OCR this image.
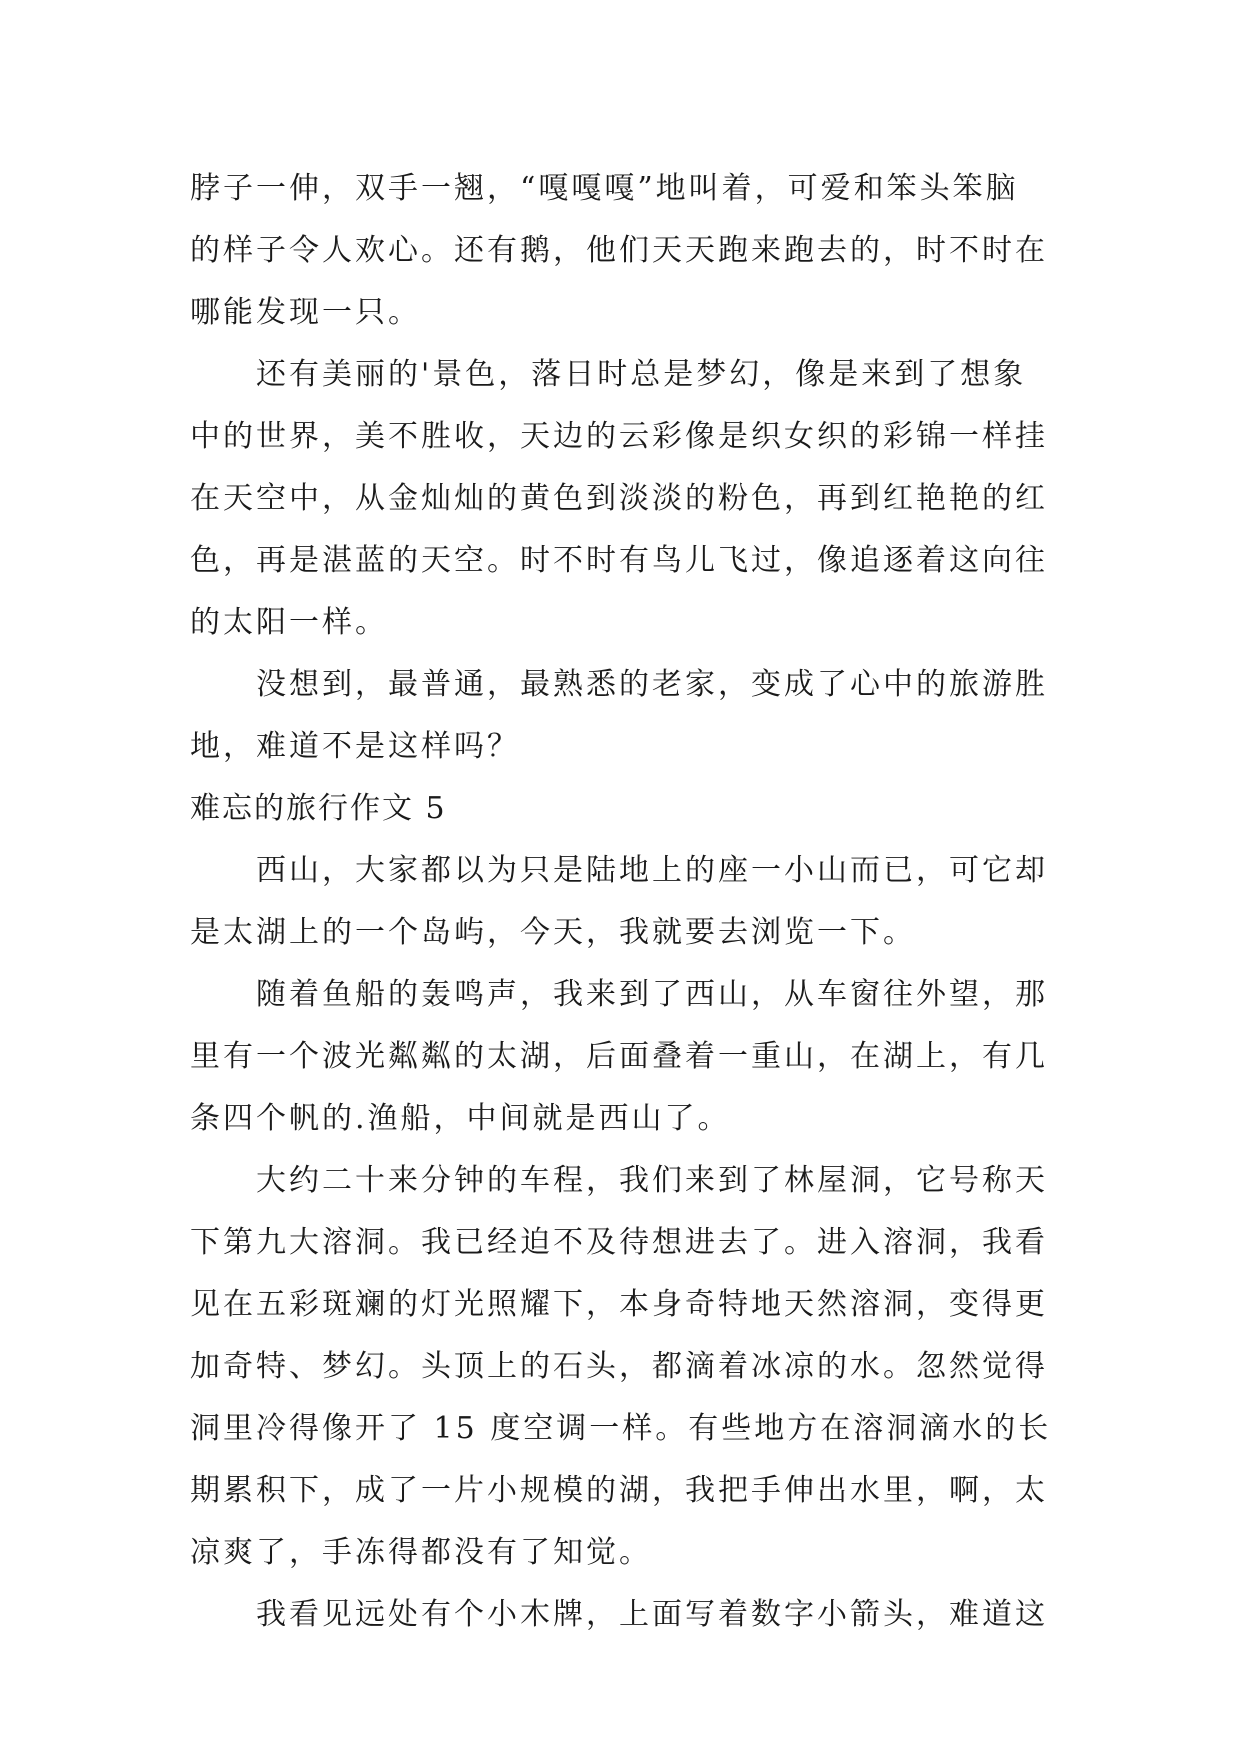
脖子一伸，双手一翘，“嘎嘎嘎”地叫着，可爱和笨头笨脑
的样子令人欢心。还有鹅，他们天天跑来跑去的，时不时在
哪能发现一只。
还有美丽的'景色，落日时总是梦幻，像是来到了想象
中的世界，美不胜收，天边的云彩像是织女织的彩锦一样挂
在天空中，从金灿灿的黄色到淡淡的粉色，再到红艳艳的红
色，再是湛蓝的天空。时不时有鸟儿飞过，像追逐着这向往
的太阳一样。
没想到，最普通，最熟悉的老家，变成了心中的旅游胜
地，难道不是这样吗？
难忘的旅行作文 5
西山，大家都以为只是陆地上的座一小山而已，可它却
是太湖上的一个岛屿，今天，我就要去浏览一下。
随着鱼船的轰鸣声，我来到了西山，从车窗往外望，那
里有一个波光粼粼的太湖，后面叠着一重山，在湖上，有几
条四个帆的.渔船，中间就是西山了。
大约二十来分钟的车程，我们来到了林屋洞，它号称天
下第九大溶洞。我已经迫不及待想进去了。进入溶洞，我看
见在五彩斑斓的灯光照耀下，本身奇特地天然溶洞，变得更
加奇特、梦幻。头顶上的石头，都滴着冰凉的水。忽然觉得
洞里冷得像开了 15 度空调一样。有些地方在溶洞滴水的长
期累积下，成了一片小规模的湖，我把手伸出水里，啊，太
凉爽了，手冻得都没有了知觉。
我看见远处有个小木牌，上面写着数字小箭头，难道这
